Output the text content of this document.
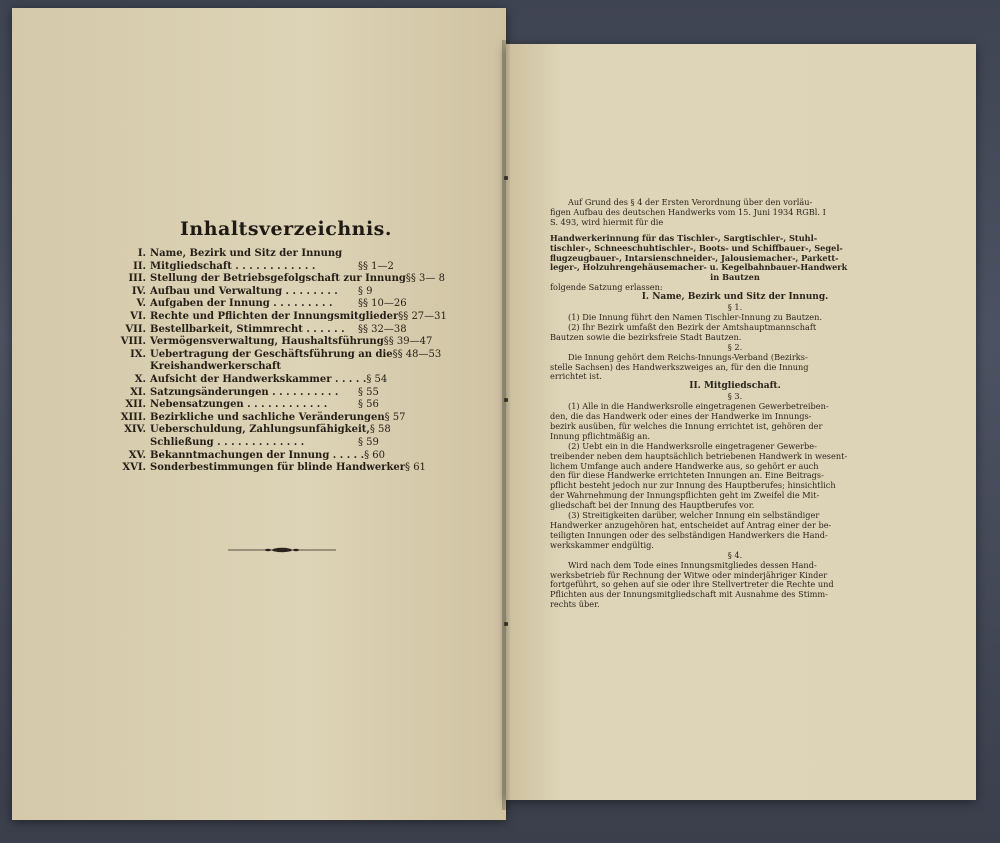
Inhaltsverzeichnis.
I. Name, Bezirk und Sitz der Innung
II. Mitgliedschaft . . . . . . . . . . . .	§§ 1—2
III. Stellung der Betriebsgefolgschaft zur Innung §§ 3— 8
IV. Aufbau und Verwaltung . . . . . . . .	§ 9
V. Aufgaben der Innung . . . . . . . . .	§§ 10—26
VI. Rechte und Pflichten der Innungsmitglieder §§ 27—31
VII. Bestellbarkeit, Stimmrecht . . . . . .	§§ 32—38
VIII. Vermögensverwaltung, Haushaltsführung §§ 39—47
IX. Uebertragung der Geschäftsführung an die §§ 48—53
Kreishandwerkerschaft
X. Aufsicht der Handwerkskammer . . . . . § 54
XI. Satzungsänderungen . . . . . . . . . .	§ 55
XII. Nebensatzungen . . . . . . . . . . . .	§ 56
XIII. Bezirkliche und sachliche Veränderungen § 57
XIV. Ueberschuldung, Zahlungsunfähigkeit, § 58
Schließung . . . . . . . . . . . . .	§ 59
XV. Bekanntmachungen der Innung . . . . . § 60
XVI. Sonderbestimmungen für blinde Handwerker § 61

Auf Grund des § 4 der Ersten Verordnung über den vorläu-

figen Aufbau des deutschen Handwerks vom 15. Juni 1934 RGBl. I

S. 493, wird hiermit für die

Handwerkerinnung für das Tischler-, Sargtischler-, Stuhl-

tischler-, Schneeschuhtischler-, Boots- und Schiffbauer-, Segel-

flugzeugbauer-, Intarsienschneider-, Jalousiemacher-, Parkett-

leger-, Holzuhrengehäusemacher- u. Kegelbahnbauer-Handwerk

in Bautzen

folgende Satzung erlassen:

I. Name, Bezirk und Sitz der Innung.

§ 1.

(1) Die Innung führt den Namen Tischler-Innung zu Bautzen.

(2) Ihr Bezirk umfaßt den Bezirk der Amtshauptmannschaft

Bautzen sowie die bezirksfreie Stadt Bautzen.

§ 2.

Die Innung gehört dem Reichs-Innungs-Verband (Bezirks-

stelle Sachsen) des Handwerkszweiges an, für den die Innung

errichtet ist.

II. Mitgliedschaft.

§ 3.

(1) Alle in die Handwerksrolle eingetragenen Gewerbetreiben-

den, die das Handwerk oder eines der Handwerke im Innungs-

bezirk ausüben, für welches die Innung errichtet ist, gehören der

Innung pflichtmäßig an.

(2) Uebt ein in die Handwerksrolle eingetragener Gewerbe-

treibender neben dem hauptsächlich betriebenen Handwerk in wesent-

lichem Umfange auch andere Handwerke aus, so gehört er auch

den für diese Handwerke errichteten Innungen an. Eine Beitrags-

pflicht besteht jedoch nur zur Innung des Hauptberufes; hinsichtlich

der Wahrnehmung der Innungspflichten geht im Zweifel die Mit-

gliedschaft bei der Innung des Hauptberufes vor.

(3) Streitigkeiten darüber, welcher Innung ein selbständiger

Handwerker anzugehören hat, entscheidet auf Antrag einer der be-

teiligten Innungen oder des selbständigen Handwerkers die Hand-

werkskammer endgültig.

§ 4.

Wird nach dem Tode eines Innungsmitgliedes dessen Hand-

werksbetrieb für Rechnung der Witwe oder minderjähriger Kinder

fortgeführt, so gehen auf sie oder ihre Stellvertreter die Rechte und

Pflichten aus der Innungsmitgliedschaft mit Ausnahme des Stimm-

rechts über.
